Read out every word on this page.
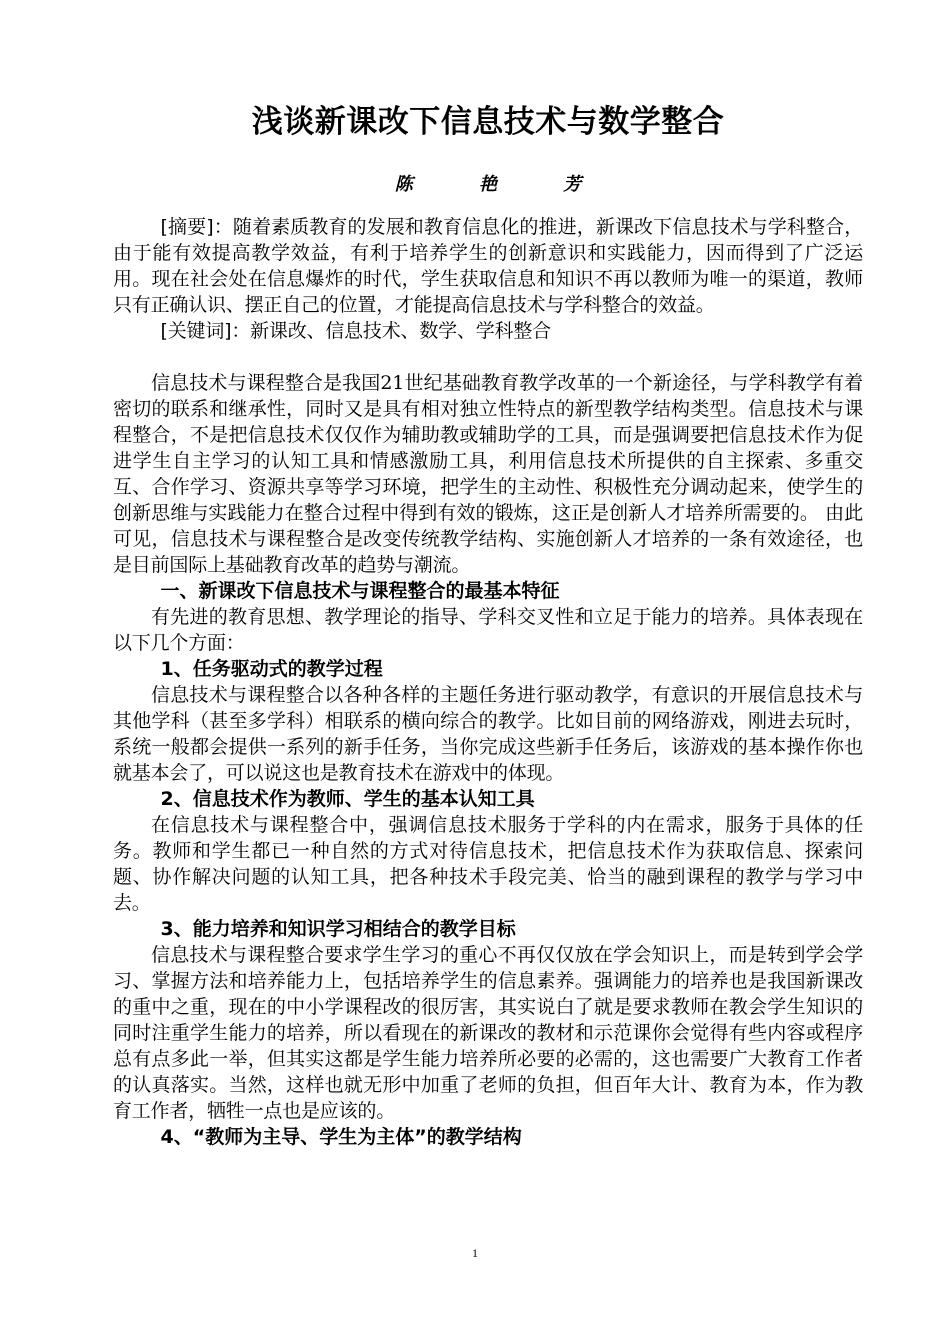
浅谈新课改下信息技术与数学整合
陈 艳 芳

[摘要]：随着素质教育的发展和教育信息化的推进，新课改下信息技术与学科整合，由于能有效提高教学效益，有利于培养学生的创新意识和实践能力，因而得到了广泛运用。现在社会处在信息爆炸的时代，学生获取信息和知识不再以教师为唯一的渠道，教师只有正确认识、摆正自己的位置，才能提高信息技术与学科整合的效益。

[关键词]：新课改、信息技术、数学、学科整合

信息技术与课程整合是我国21世纪基础教育教学改革的一个新途径，与学科教学有着密切的联系和继承性，同时又是具有相对独立性特点的新型教学结构类型。信息技术与课程整合，不是把信息技术仅仅作为辅助教或辅助学的工具，而是强调要把信息技术作为促进学生自主学习的认知工具和情感激励工具，利用信息技术所提供的自主探索、多重交互、合作学习、资源共享等学习环境，把学生的主动性、积极性充分调动起来，使学生的创新思维与实践能力在整合过程中得到有效的锻炼，这正是创新人才培养所需要的。 由此可见，信息技术与课程整合是改变传统教学结构、实施创新人才培养的一条有效途径，也是目前国际上基础教育改革的趋势与潮流。

一、新课改下信息技术与课程整合的最基本特征

有先进的教育思想、教学理论的指导、学科交叉性和立足于能力的培养。具体表现在以下几个方面：

1、任务驱动式的教学过程

信息技术与课程整合以各种各样的主题任务进行驱动教学，有意识的开展信息技术与其他学科（甚至多学科）相联系的横向综合的教学。比如目前的网络游戏，刚进去玩时，系统一般都会提供一系列的新手任务，当你完成这些新手任务后，该游戏的基本操作你也就基本会了，可以说这也是教育技术在游戏中的体现。

2、信息技术作为教师、学生的基本认知工具

在信息技术与课程整合中，强调信息技术服务于学科的内在需求，服务于具体的任务。教师和学生都已一种自然的方式对待信息技术，把信息技术作为获取信息、探索问题、协作解决问题的认知工具，把各种技术手段完美、恰当的融到课程的教学与学习中去。

3、能力培养和知识学习相结合的教学目标

信息技术与课程整合要求学生学习的重心不再仅仅放在学会知识上，而是转到学会学习、掌握方法和培养能力上，包括培养学生的信息素养。强调能力的培养也是我国新课改的重中之重，现在的中小学课程改的很厉害，其实说白了就是要求教师在教会学生知识的同时注重学生能力的培养，所以看现在的新课改的教材和示范课你会觉得有些内容或程序总有点多此一举，但其实这都是学生能力培养所必要的必需的，这也需要广大教育工作者的认真落实。当然，这样也就无形中加重了老师的负担，但百年大计、教育为本，作为教育工作者，牺牲一点也是应该的。

4、“教师为主导、学生为主体”的教学结构

1
